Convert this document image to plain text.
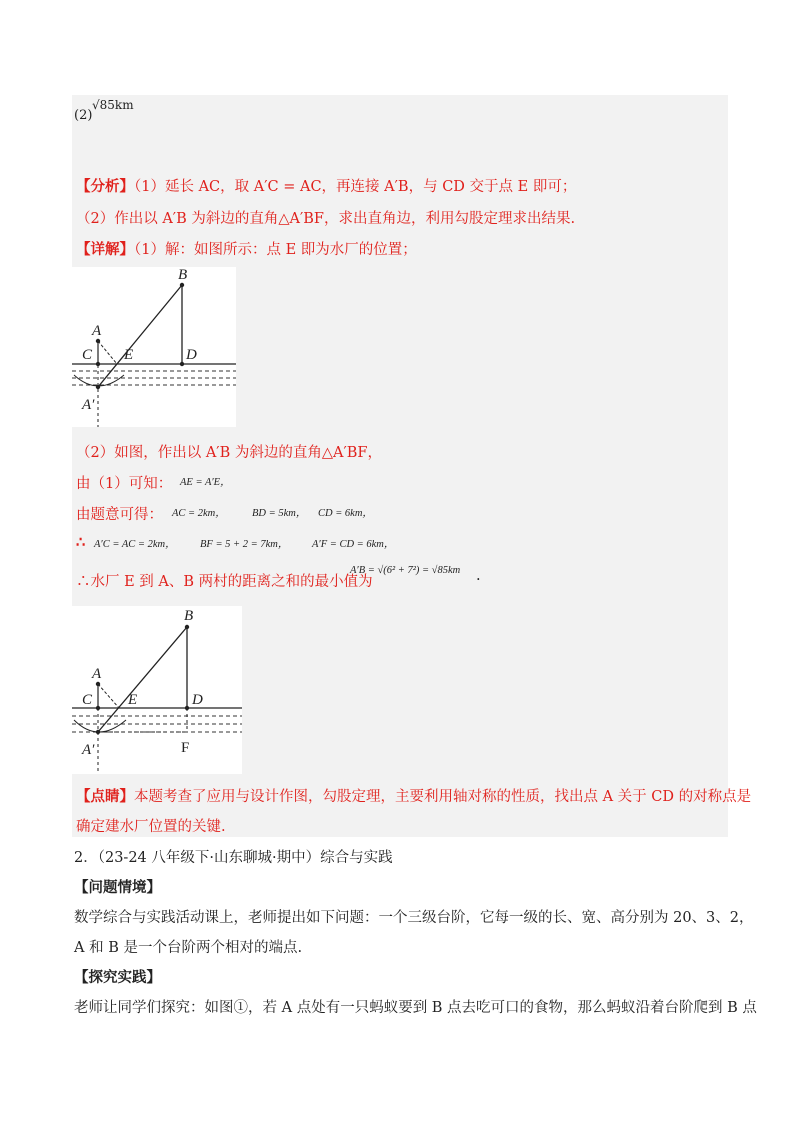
(2)
√85km
【分析】（1）延长 AC，取 A′C = AC，再连接 A′B，与 CD 交于点 E 即可；
（2）作出以 A′B 为斜边的直角△A′BF，求出直角边，利用勾股定理求出结果.
【详解】（1）解：如图所示：点 E 即为水厂的位置；
B
A
C E	D
A′
（2）如图，作出以 A′B 为斜边的直角△A′BF，
由（1）可知： AE = A′E，
由题意可得： AC = 2km，	BD = 5km， CD = 6km，
∴ A′C = AC = 2km， BF = 5 + 2 = 7km， A′F = CD = 6km，
∴水厂 E 到 A、B 两村的距离之和的最小值为
A′B = √(6² + 7²) = √85km .
B
A
C E	D
A′	F
【点睛】本题考查了应用与设计作图，勾股定理，主要利用轴对称的性质，找出点 A 关于 CD 的对称点是
确定建水厂位置的关键.
2．（23-24 八年级下·山东聊城·期中）综合与实践
【问题情境】
数学综合与实践活动课上，老师提出如下问题：一个三级台阶，它每一级的长、宽、高分别为 20、3、2，
A 和 B 是一个台阶两个相对的端点.
【探究实践】
老师让同学们探究：如图①，若 A 点处有一只蚂蚁要到 B 点去吃可口的食物，那么蚂蚁沿着台阶爬到 B 点
